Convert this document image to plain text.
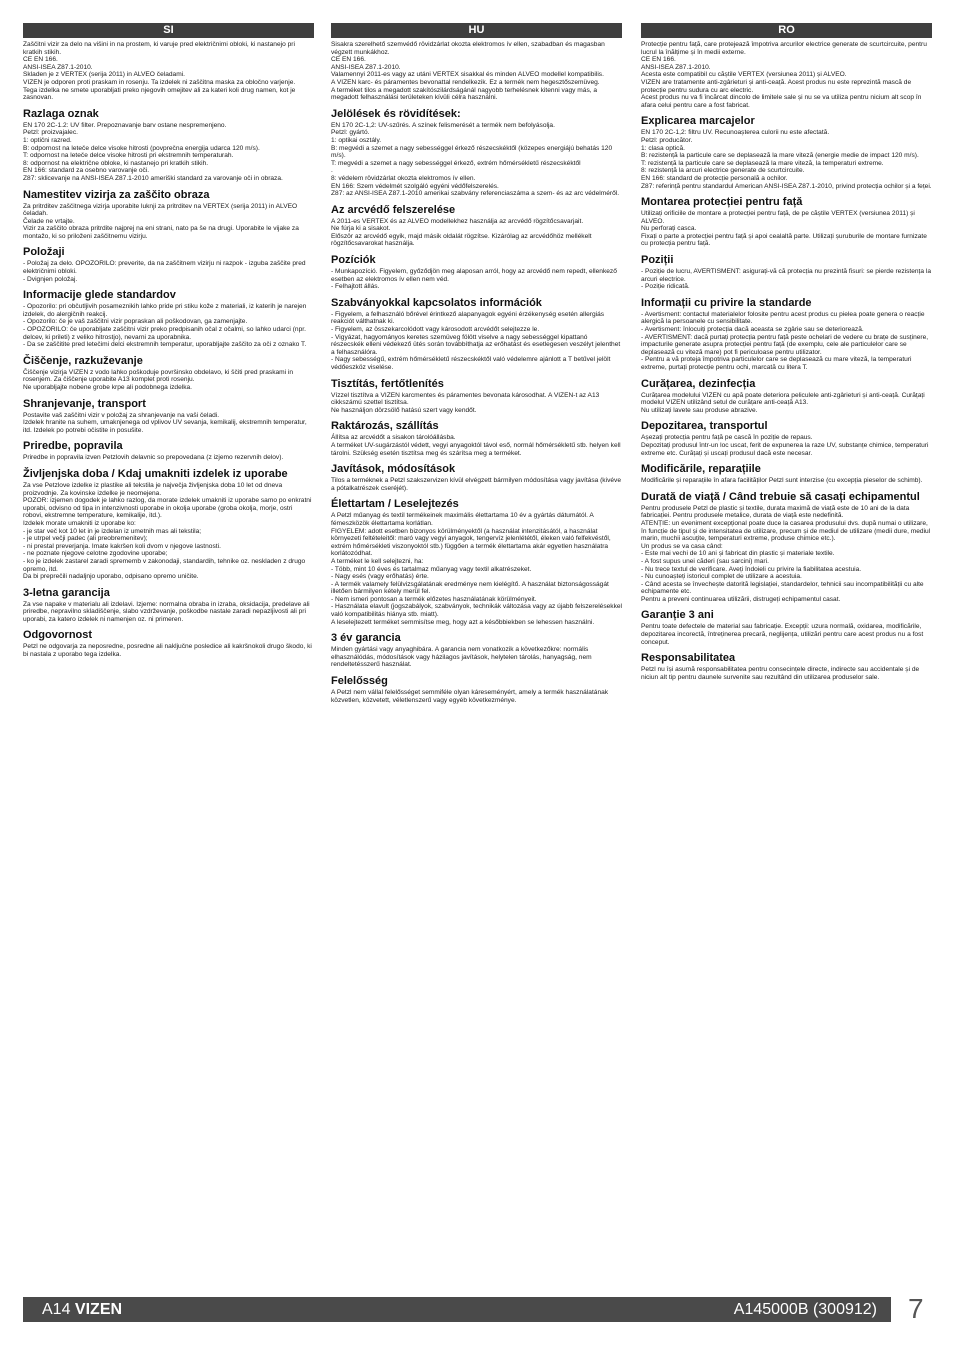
SI

Zaščitni vizir za delo na višini in na prostem, ki varuje pred električnimi obloki, ki nastanejo pri kratkih stikih.
CE EN 166.
ANSI-ISEA Z87.1-2010.
Skladen je z VERTEX (serija 2011) in ALVEO čeladami.
VIZEN je odporen proti praskam in rosenju. Ta izdelek ni zaščitna maska za obločno varjenje.
Tega izdelka ne smete uporabljati preko njegovih omejitev ali za kateri koli drug namen, kot je zasnovan.

Razlaga oznak

EN 170 2C-1.2: UV filter. Prepoznavanje barv ostane nespremenjeno.
Petzl: proizvajalec.
1: optični razred.
B: odpornost na leteče delce visoke hitrosti (povprečna energija udarca 120 m/s).
T: odpornost na leteče delce visoke hitrosti pri ekstremnih temperaturah.
8: odpornost na električne obloke, ki nastanejo pri kratkih stikih.
EN 166: standard za osebno varovanje oči.
Z87: sklicevanje na ANSI-ISEA Z87.1-2010 ameriški standard za varovanje oči in obraza.

Namestitev vizirja za zaščito obraza

Za pritrditev zaščitnega vizirja uporabite luknji za pritrditev na VERTEX (serija 2011) in ALVEO čeladah.
Čelade ne vrtajte.
Vizir za zaščito obraza pritrdite najprej na eni strani, nato pa še na drugi. Uporabite le vijake za montažo, ki so priloženi zaščitnemu vizirju.

Položaji

- Položaj za delo. OPOZORILO: preverite, da na zaščitnem vizirju ni razpok - izguba zaščite pred električnimi obloki.
- Dvignjen položaj.

Informacije glede standardov

- Opozorilo: pri občutljivih posameznikih lahko pride pri stiku kože z materiali, iz katerih je narejen izdelek, do alergičnih reakcij.
- Opozorilo: če je vaš zaščitni vizir popraskan ali poškodovan, ga zamenjajte.
- OPOZORILO: če uporabljate zaščitni vizir preko predpisanih očal z očalmi, so lahko udarci (npr. delcev, ki prileti) z veliko hitrostjo), nevarni za uporabnika.
- Da se zaščitite pred letečimi delci ekstremnih temperatur, uporabljajte zaščito za oči z oznako T.

Čiščenje, razkuževanje

Čiščenje vizirja VIZEN z vodo lahko poškoduje površinsko obdelavo, ki ščiti pred praskami in rosenjem. Za čiščenje uporabite A13 komplet proti rosenju.
Ne uporabljajte nobene grobe krpe ali podobnega izdelka.

Shranjevanje, transport

Postavite vaš zaščitni vizir v položaj za shranjevanje na vaši čeladi.
Izdelek hranite na suhem, umaknjenega od vplivov UV sevanja, kemikalij, ekstremnih temperatur, itd. Izdelek po potrebi očistite in posušite.

Priredbe, popravila

Priredbe in popravila izven Petzlovih delavnic so prepovedana (z izjemo rezervnih delov).

Življenjska doba / Kdaj umakniti izdelek iz uporabe

Za vse Petzlove izdelke iz plastike ali tekstila je največja življenjska doba 10 let od dneva proizvodnje. Za kovinske izdelke je neomejena.
POZOR: izjemen dogodek je lahko razlog, da morate izdelek umakniti iz uporabe samo po enkratni uporabi, odvisno od tipa in intenzivnosti uporabe in okolja uporabe (groba okolja, morje, ostri robovi, ekstremne temperature, kemikalije, itd.).
Izdelek morate umakniti iz uporabe ko:
- je star več kot 10 let in je izdelan iz umetnih mas ali tekstila;
- je utrpel večji padec (ali preobremenitev);
- ni prestal preverjanja. Imate kakršen koli dvom v njegove lastnosti.
- ne poznate njegove celotne zgodovine uporabe;
- ko je izdelek zastarel zaradi sprememb v zakonodaji, standardih, tehnike oz. neskladen z drugo opremo, itd.
Da bi preprečili nadaljnjo uporabo, odpisano opremo uničite.

3-letna garancija

Za vse napake v materialu ali izdelavi. Izjeme: normalna obraba in izraba, oksidacija, predelave ali priredbe, nepravilno skladiščenje, slabo vzdrževanje, poškodbe nastale zaradi nepazljivosti ali pri uporabi, za katero izdelek ni namenjen oz. ni primeren.

Odgovornost

Petzl ne odgovarja za neposredne, posredne ali naključne posledice ali kakršnokoli drugo škodo, ki bi nastala z uporabo tega izdelka.

HU

Sisakra szerelhető szemvédő rövidzárlat okozta elektromos ív ellen, szabadban és magasban végzett munkákhoz.
CE EN 166.
ANSI-ISEA Z87.1-2010.
Valamennyi 2011-es vagy az utáni VERTEX sisakkal és minden ALVEO modellel kompatibilis.
A VIZEN karc- és páramentes bevonattal rendelkezik. Ez a termék nem hegesztőszemüveg.
A terméket tilos a megadott szakítószilárdságánál nagyobb terhelésnek kitenni vagy más, a megadott felhasználási területeken kívüli célra használni.

Jelölések és rövidítések:

EN 170 2C-1,2: UV-szűrés. A színek felismerését a termék nem befolyásolja.
Petzl: gyártó.
1: optikai osztály.
B: megvédi a szemet a nagy sebességgel érkező részecskéktől (közepes energiájú behatás 120 m/s).
T: megvédi a szemet a nagy sebességgel érkező, extrém hőmérsékletű részecskéktől
.
8: védelem rövidzárlat okozta elektromos ív ellen.
EN 166: Szem védelmét szolgáló egyéni védőfelszerelés.
Z87: az ANSI-ISEA Z87.1-2010 amerikai szabvány referenciaszáma a szem- és az arc védelméről.

Az arcvédő felszerelése

A 2011-es VERTEX és az ALVEO modellekhez használja az arcvédő rögzítőcsavarjait.
Ne fúrja ki a sisakot.
Először az arcvédő egyik, majd másik oldalát rögzítse. Kizárólag az arcvédőhöz mellékelt rögzítőcsavarokat használja.

Pozíciók

- Munkapozíció. Figyelem, győződjön meg alaposan arról, hogy az arcvédő nem repedt, ellenkező esetben az elektromos ív ellen nem véd.
- Felhajtott állás.

Szabványokkal kapcsolatos információk

- Figyelem, a felhasználó bőrével érintkező alapanyagok egyéni érzékenység esetén allergiás reakciót válthatnak ki.
- Figyelem, az összekarcolódott vagy károsodott arcvédőt selejtezze le.
- Vigyázat, hagyományos keretes szemüveg fölött viselve a nagy sebességgel kipattanó részecskék elleni védekező ütés során továbbíthatja az erőhatást és esetlegesen veszélyt jelenthet a felhasználóra.
- Nagy sebességű, extrém hőmérsékletű részecskéktől való védelemre ajánlott a T betűvel jelölt védőeszköz viselése.

Tisztítás, fertőtlenítés

Vízzel tisztítva a VIZEN karcmentes és páramentes bevonata károsodhat. A VIZEN-t az A13 cikkszámú szettel tisztítsa.
Ne használjon dörzsölő hatású szert vagy kendőt.

Raktározás, szállítás

Állítsa az arcvédőt a sisakon tárolóállásba.
A terméket UV-sugárzástól védett, vegyi anyagoktól távol eső, normál hőmérsékletű stb. helyen kell tárolni. Szükség esetén tisztítsa meg és szárítsa meg a terméket.

Javítások, módosítások

Tilos a terméknek a Petzl szakszervizen kívül elvégzett bármilyen módosítása vagy javítása (kivéve a pótalkatrészek cseréjét).

Élettartam / Leselejtezés

A Petzl műanyag és textil termékeinek maximális élettartama 10 év a gyártás dátumától. A fémeszközök élettartama korlátlan.
FIGYELEM: adott esetben bizonyos körülményektől (a használat intenzitásától, a használat környezeti feltételeitől: maró vagy vegyi anyagok, tengervíz jelenlététől, éleken való felfekvéstől, extrém hőmérsékleti viszonyoktól stb.) függően a termék élettartama akár egyetlen használatra korlátozódhat.
A terméket le kell selejtezni, ha:
- Több, mint 10 éves és tartalmaz műanyag vagy textil alkatrészeket.
- Nagy esés (vagy erőhatás) érte.
- A termék valamely felülvizsgálatának eredménye nem kielégítő. A használat biztonságosságát illetően bármilyen kétely merül fel.
- Nem ismeri pontosan a termék előzetes használatának körülményeit.
- Használata elavult (jogszabályok, szabványok, technikák változása vagy az újabb felszerelésekkel való kompatibilitás hiánya stb. miatt).
A leselejtezett terméket semmisítse meg, hogy azt a későbbiekben se lehessen használni.

3 év garancia

Minden gyártási vagy anyaghibára. A garancia nem vonatkozik a következőkre: normális elhasználódás, módosítások vagy házilagos javítások, helytelen tárolás, hanyagság, nem rendeltetésszerű használat.

Felelősség

A Petzl nem vállal felelősséget semmiféle olyan káreseményért, amely a termék használatának közvetlen, közvetett, véletlenszerű vagy egyéb következménye.

RO

Protecție pentru față, care protejează împotriva arcurilor electrice generate de scurtcircuite, pentru lucrul la înălțime și în medii externe.
CE EN 166.
ANSI-ISEA Z87.1-2010.
Acesta este compatibil cu căștile VERTEX (versiunea 2011) și ALVEO.
VIZEN are tratamente anti-zgârieturi și anti-ceață. Acest produs nu este reprezintă mască de protecție pentru sudura cu arc electric.
Acest produs nu va fi încărcat dincolo de limitele sale și nu se va utiliza pentru nicium alt scop în afara celui pentru care a fost fabricat.

Explicarea marcajelor

EN 170 2C-1,2: filtru UV. Recunoașterea culorii nu este afectată.
Petzl: producător.
1: clasa optică.
B: rezistență la particule care se deplasează la mare viteză (energie medie de impact 120 m/s).
T: rezistență la particule care se deplasează la mare viteză, la temperaturi extreme.
8: rezistență la arcuri electrice generate de scurtcircuite.
EN 166: standard de protecție personală a ochilor.
Z87: referință pentru standardul American ANSI-ISEA Z87.1-2010, privind protecția ochilor și a feței.

Montarea protecției pentru față

Utilizați orificiile de montare a protecției pentru față, de pe căștile VERTEX (versiunea 2011) și ALVEO.
Nu perforați casca.
Fixați o parte a protecției pentru față și apoi cealaltă parte. Utilizați șuruburile de montare furnizate cu protecția pentru față.

Poziții

- Poziție de lucru, AVERTISMENT: asigurați-vă că protecția nu prezintă fisuri: se pierde rezistența la arcuri electrice.
- Poziție ridicată.

Informații cu privire la standarde

- Avertisment: contactul materialelor folosite pentru acest produs cu pielea poate genera o reacție alergică la persoanele cu sensibilitate.
- Avertisment: înlocuiți protecția dacă aceasta se zgârie sau se deteriorează.
- AVERTISMENT: dacă purtați protecția pentru față peste ochelari de vedere cu brațe de susținere, impacturile generate asupra protecției pentru față (de exemplu, cele ale particulelor care se deplasează cu viteză mare) pot fi periculoase pentru utilizator.
- Pentru a vă proteja împotriva particulelor care se deplasează cu mare viteză, la temperaturi extreme, purtați protecție pentru ochi, marcată cu litera T.

Curățarea, dezinfecția

Curățarea modelului VIZEN cu apă poate deteriora peliculele anti-zgârieturi și anti-ceață. Curățați modelul VIZEN utilizând setul de curățare anti-ceață A13.
Nu utilizați lavete sau produse abrazive.

Depozitarea, transportul

Așezați protecția pentru față pe cască în poziție de repaus.
Depozitați produsul într-un loc uscat, ferit de expunerea la raze UV, substanțe chimice, temperaturi extreme etc. Curățați și uscați produsul dacă este necesar.

Modificările, reparațiile

Modificările și reparațiile în afara facilităților Petzl sunt interzise (cu excepția pieselor de schimb).

Durată de viață / Când trebuie să casați echipamentul

Pentru produsele Petzl de plastic și textile, durata maximă de viață este de 10 ani de la data fabricației. Pentru produsele metalice, durata de viață este nedefinită.
ATENȚIE: un eveniment excepțional poate duce la casarea produsului dvs. după numai o utilizare, în funcție de tipul și de intensitatea de utilizare, precum și de mediul de utilizare (medii dure, mediul marin, muchii ascuțite, temperaturi extreme, produse chimice etc.).
Un produs se va casa când:
- Este mai vechi de 10 ani și fabricat din plastic și materiale textile.
- A fost supus unei căderi (sau sarcini) mari.
- Nu trece textul de verificare. Aveți îndoieli cu privire la fiabilitatea acestuia.
- Nu cunoașteți istoricul complet de utilizare a acestuia.
- Când acesta se învechește datorită legislației, standardelor, tehnicii sau incompatibilității cu alte echipamente etc.
Pentru a preveni continuarea utilizării, distrugeți echipamentul casat.

Garanție 3 ani

Pentru toate defectele de material sau fabricație. Excepții: uzura normală, oxidarea, modificările, depozitarea incorectă, întreținerea precară, neglijența, utilizări pentru care acest produs nu a fost conceput.

Responsabilitatea

Petzl nu își asumă responsabilitatea pentru consecințele directe, indirecte sau accidentale și de niciun alt tip pentru daunele survenite sau rezultând din utilizarea produselor sale.

A14 VIZEN	A145000B (300912) 7
